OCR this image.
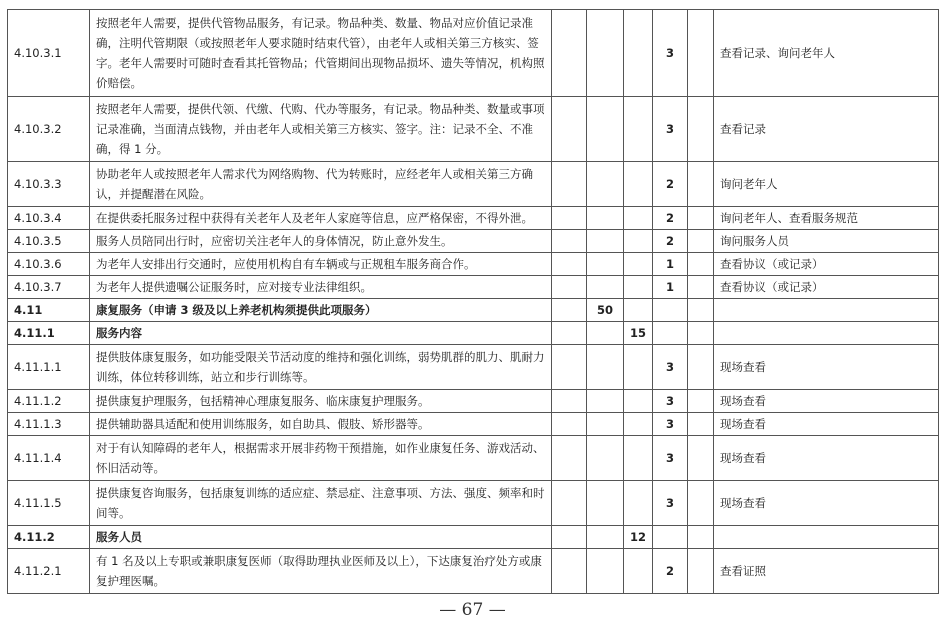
4.10.3.1	按照老年人需要，提供代管物品服务，有记录。物品种类、数量、物品对应价值记录准确，注明代管期限（或按照老年人要求随时结束代管），由老年人或相关第三方核实、签字。老年人需要时可随时查看其托管物品；代管期间出现物品损坏、遗失等情况，机构照价赔偿。				3		查看记录、询问老年人
4.10.3.2	按照老年人需要，提供代领、代缴、代购、代办等服务，有记录。物品种类、数量或事项记录准确，当面清点钱物，并由老年人或相关第三方核实、签字。注：记录不全、不准确，得 1 分。				3		查看记录
4.10.3.3	协助老年人或按照老年人需求代为网络购物、代为转账时，应经老年人或相关第三方确认，并提醒潜在风险。				2		询问老年人
4.10.3.4	在提供委托服务过程中获得有关老年人及老年人家庭等信息，应严格保密，不得外泄。				2		询问老年人、查看服务规范
4.10.3.5	服务人员陪同出行时，应密切关注老年人的身体情况，防止意外发生。				2		询问服务人员
4.10.3.6	为老年人安排出行交通时，应使用机构自有车辆或与正规租车服务商合作。				1		查看协议（或记录）
4.10.3.7	为老年人提供遗嘱公证服务时，应对接专业法律组织。				1		查看协议（或记录）
4.11	康复服务（申请 3 级及以上养老机构须提供此项服务）		50				
4.11.1	服务内容			15			
4.11.1.1	提供肢体康复服务，如功能受限关节活动度的维持和强化训练，弱势肌群的肌力、肌耐力训练，体位转移训练，站立和步行训练等。				3		现场查看
4.11.1.2	提供康复护理服务，包括精神心理康复服务、临床康复护理服务。				3		现场查看
4.11.1.3	提供辅助器具适配和使用训练服务，如自助具、假肢、矫形器等。				3		现场查看
4.11.1.4	对于有认知障碍的老年人，根据需求开展非药物干预措施，如作业康复任务、游戏活动、怀旧活动等。				3		现场查看
4.11.1.5	提供康复咨询服务，包括康复训练的适应症、禁忌症、注意事项、方法、强度、频率和时间等。				3		现场查看
4.11.2	服务人员			12			
4.11.2.1	有 1 名及以上专职或兼职康复医师（取得助理执业医师及以上），下达康复治疗处方或康复护理医嘱。				2		查看证照
— 67 —
